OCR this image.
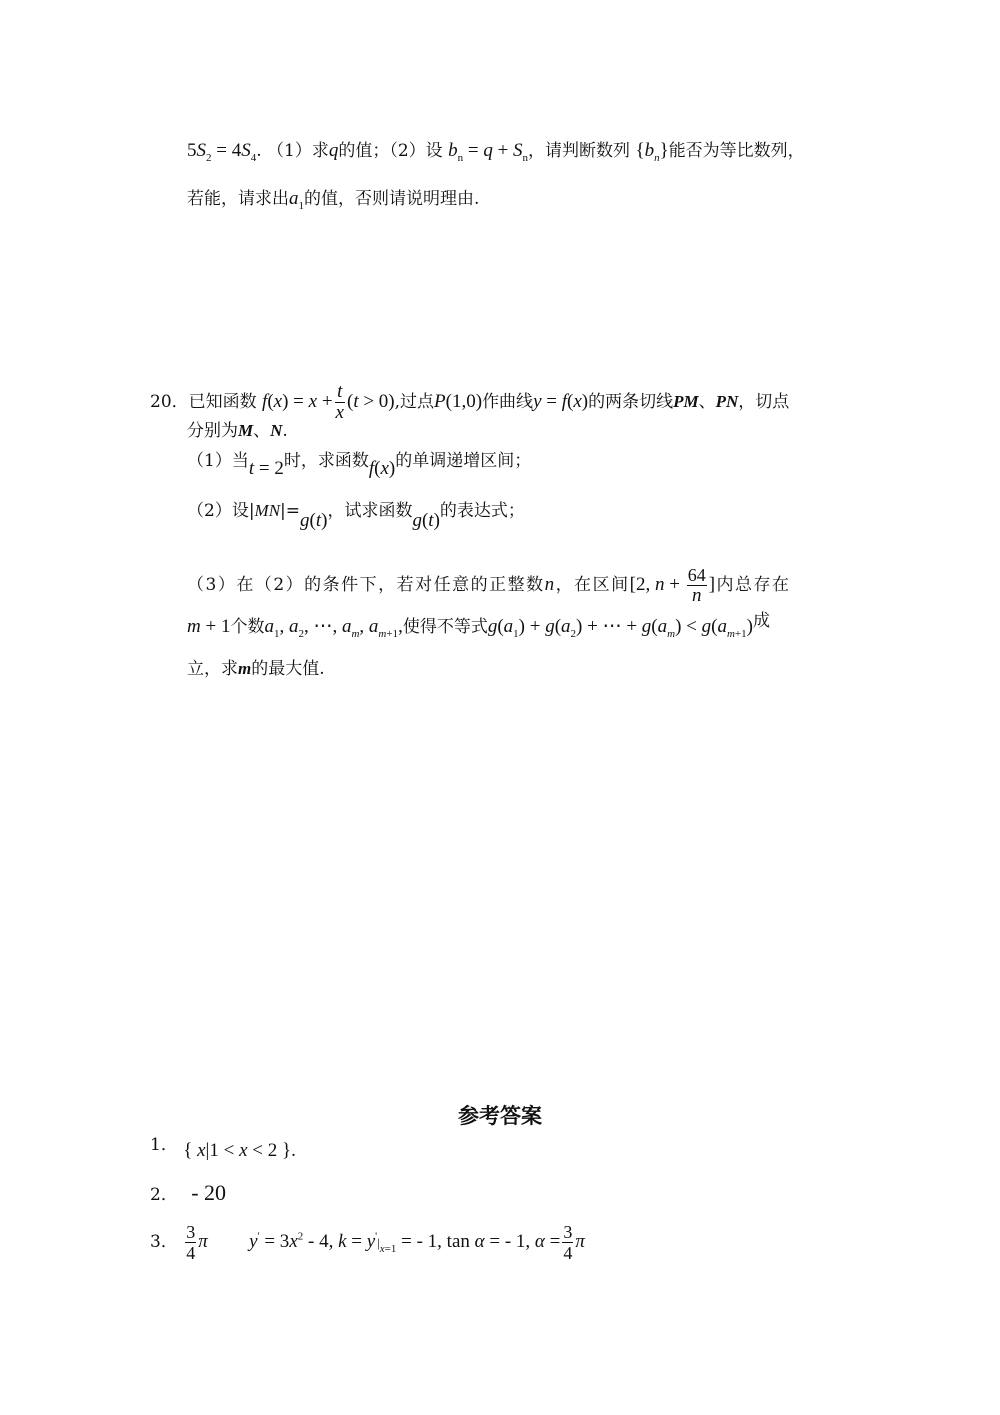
$5S_2 = 4S_4$. （1）求q的值；（2）设 $b_n = q + S_n$，请判断数列 $\{b_n\}$能否为等比数列，
若能，请求出$a_1$的值，否则请说明理由.
20．已知函数 $f(x) = x + \frac{t}{x} (t > 0)$,过点P(1,0)作曲线y = f(x)的两条切线PM、PN，切点
分别为M、N.
（1）当t = 2时，求函数f(x)的单调递增区间；
（2）设|MN|=g(t)，试求函数g(t)的表达式；
（3）在（2）的条件下，若对任意的正整数n，在区间[2, $n + \frac{64}{n}$ ]内总存在
m + 1个数$a_1$, $a_2$, ⋯, $a_m$, $a_{m+1}$,使得不等式$g(a_1) + g(a_2)$ + ⋯ + $g(a_m) < g(a_{m+1})$成
立，求m的最大值.
参考答案
1． { x|1 < x < 2 }.
2． - 20
3． $\frac{3}{4}$ π $y' = 3x^2 - 4$, $k = y'|_{x=1}$ = - 1, tan α = - 1, $\alpha = \frac{3}{4}$ π
